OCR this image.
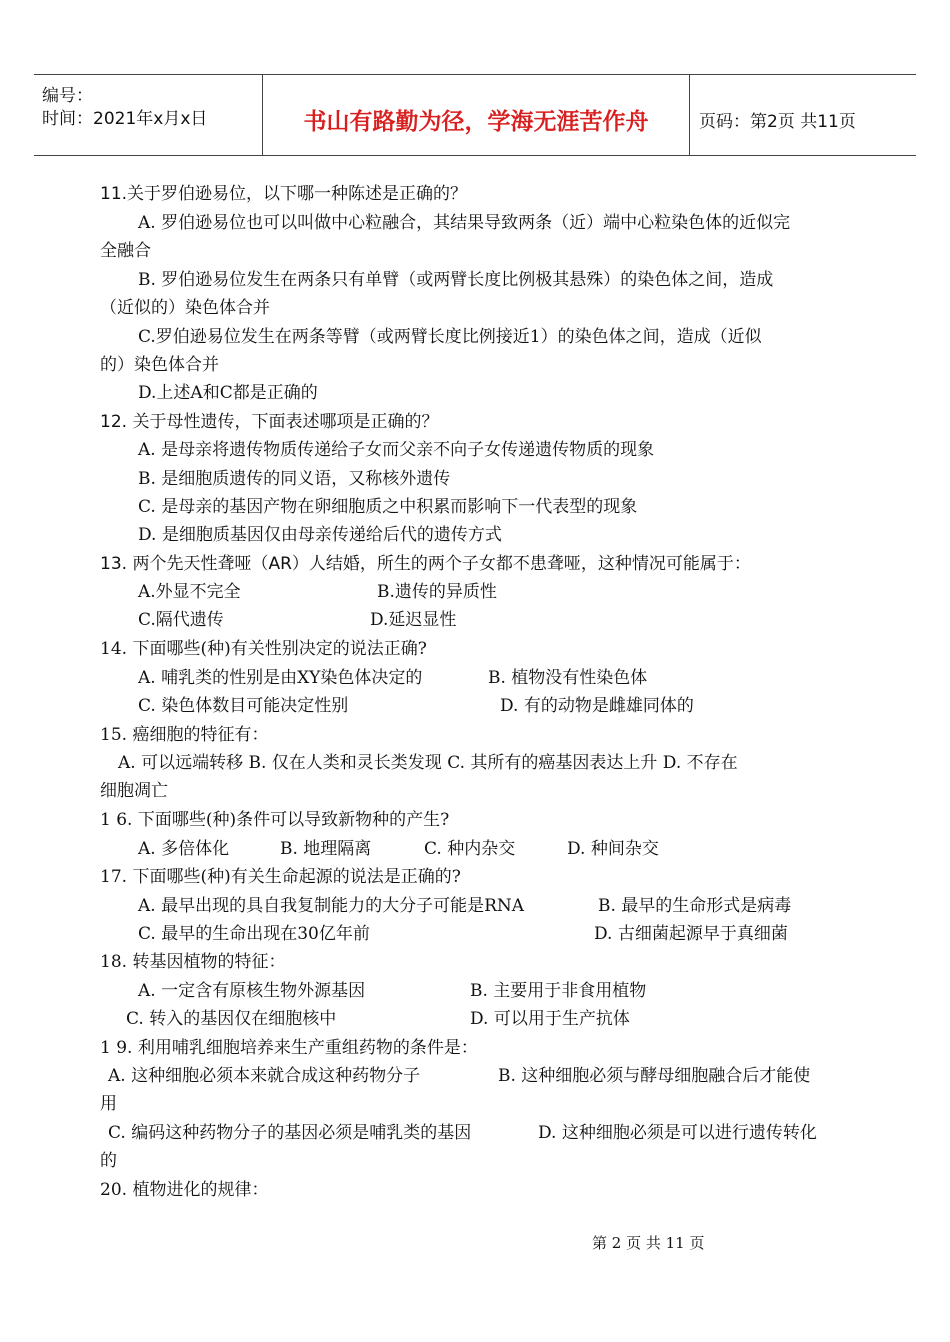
编号：
时间：2021年x月x日	书山有路勤为径，学海无涯苦作舟	页码：第2页 共11页
11.关于罗伯逊易位，以下哪一种陈述是正确的？
A. 罗伯逊易位也可以叫做中心粒融合，其结果导致两条（近）端中心粒染色体的近似完
全融合
B. 罗伯逊易位发生在两条只有单臂（或两臂长度比例极其悬殊）的染色体之间，造成
（近似的）染色体合并
C.罗伯逊易位发生在两条等臂（或两臂长度比例接近1）的染色体之间，造成（近似
的）染色体合并
D.上述A和C都是正确的
12. 关于母性遗传，下面表述哪项是正确的？
A. 是母亲将遗传物质传递给子女而父亲不向子女传递遗传物质的现象
B. 是细胞质遗传的同义语，又称核外遗传
C. 是母亲的基因产物在卵细胞质之中积累而影响下一代表型的现象
D. 是细胞质基因仅由母亲传递给后代的遗传方式
13. 两个先天性聋哑（AR）人结婚，所生的两个子女都不患聋哑，这种情况可能属于：
A.外显不完全	B.遗传的异质性
C.隔代遗传	D.延迟显性
14. 下面哪些(种)有关性别决定的说法正确?
A. 哺乳类的性别是由XY染色体决定的	B. 植物没有性染色体
C. 染色体数目可能决定性别	D. 有的动物是雌雄同体的
15. 癌细胞的特征有：
A. 可以远端转移 B. 仅在人类和灵长类发现 C. 其所有的癌基因表达上升 D. 不存在
细胞凋亡
1 6. 下面哪些(种)条件可以导致新物种的产生?
A. 多倍体化	B. 地理隔离	C. 种内杂交	D. 种间杂交
17. 下面哪些(种)有关生命起源的说法是正确的?
A. 最早出现的具自我复制能力的大分子可能是RNA	B. 最早的生命形式是病毒
C. 最早的生命出现在30亿年前	D. 古细菌起源早于真细菌
18. 转基因植物的特征：
A. 一定含有原核生物外源基因	B. 主要用于非食用植物
C. 转入的基因仅在细胞核中	D. 可以用于生产抗体
1 9. 利用哺乳细胞培养来生产重组药物的条件是：
A. 这种细胞必须本来就合成这种药物分子	B. 这种细胞必须与酵母细胞融合后才能使
用
C. 编码这种药物分子的基因必须是哺乳类的基因	D. 这种细胞必须是可以进行遗传转化
的
20. 植物进化的规律：
第 2 页 共 11 页
